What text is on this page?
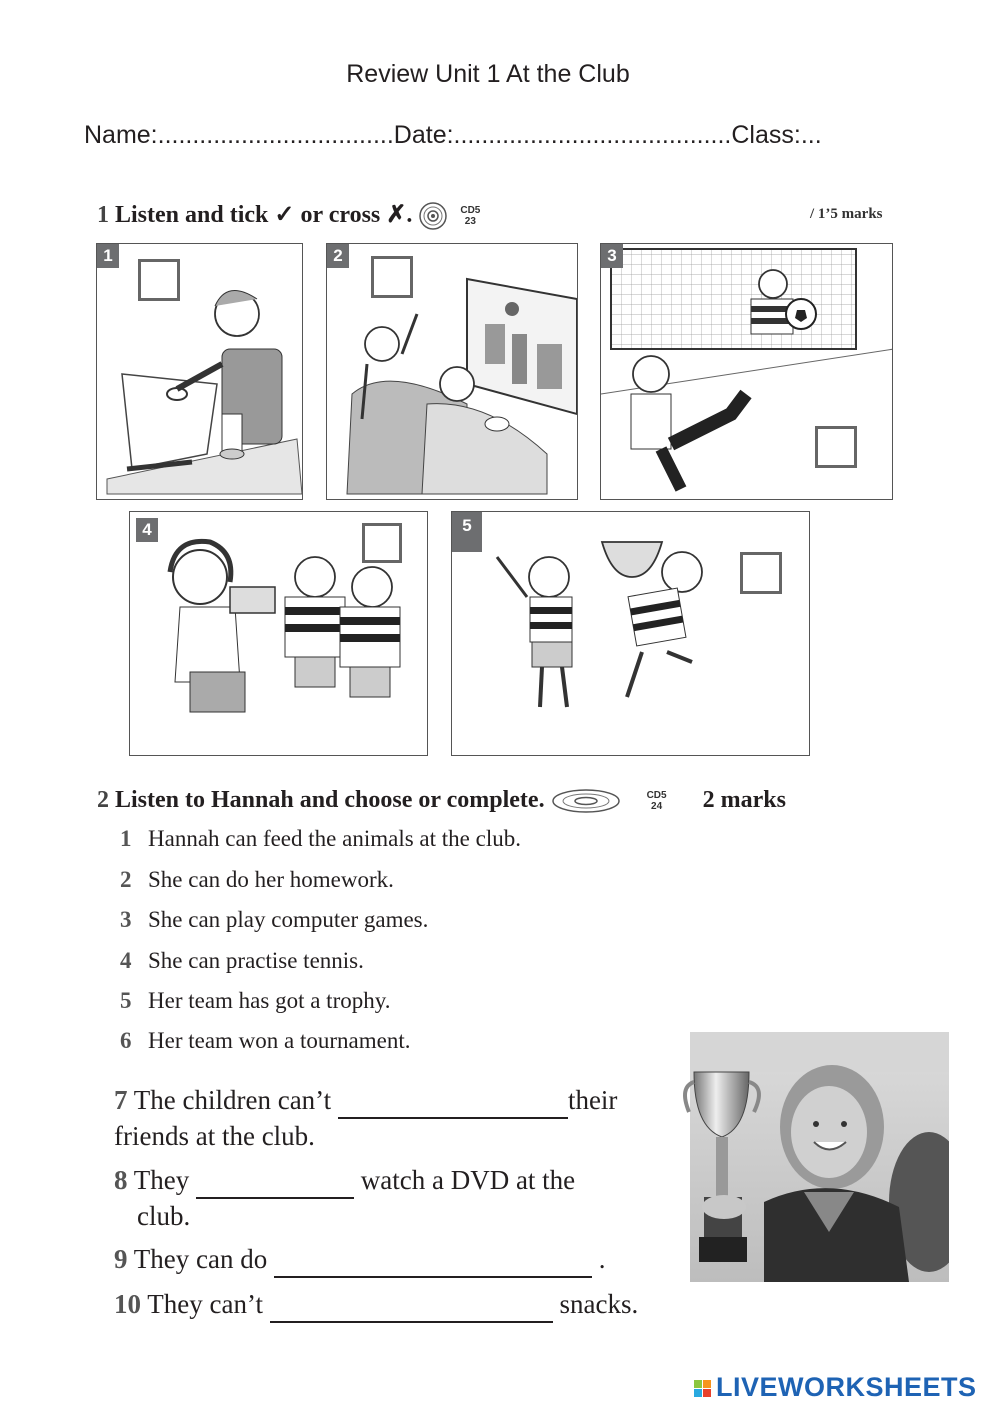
Review Unit 1 At the Club
Name:..................................Date:........................................Class:...
1 Listen and tick ✓ or cross ✗.	CD5
23	/ 1’5 marks
1	2	3
4	5
2 Listen to Hannah and choose or complete.	CD5
24 2 marks
1 Hannah can feed the animals at the club.
2 She can do her homework.
3 She can play computer games.
4 She can practise tennis.
5 Her team has got a trophy.
6 Her team won a tournament.
7 The children can’t	their
friends at the club.
8 They	watch a DVD at the
club.
9 They can do	.
10 They can’t	snacks.

LIVEWORKSHEETS
